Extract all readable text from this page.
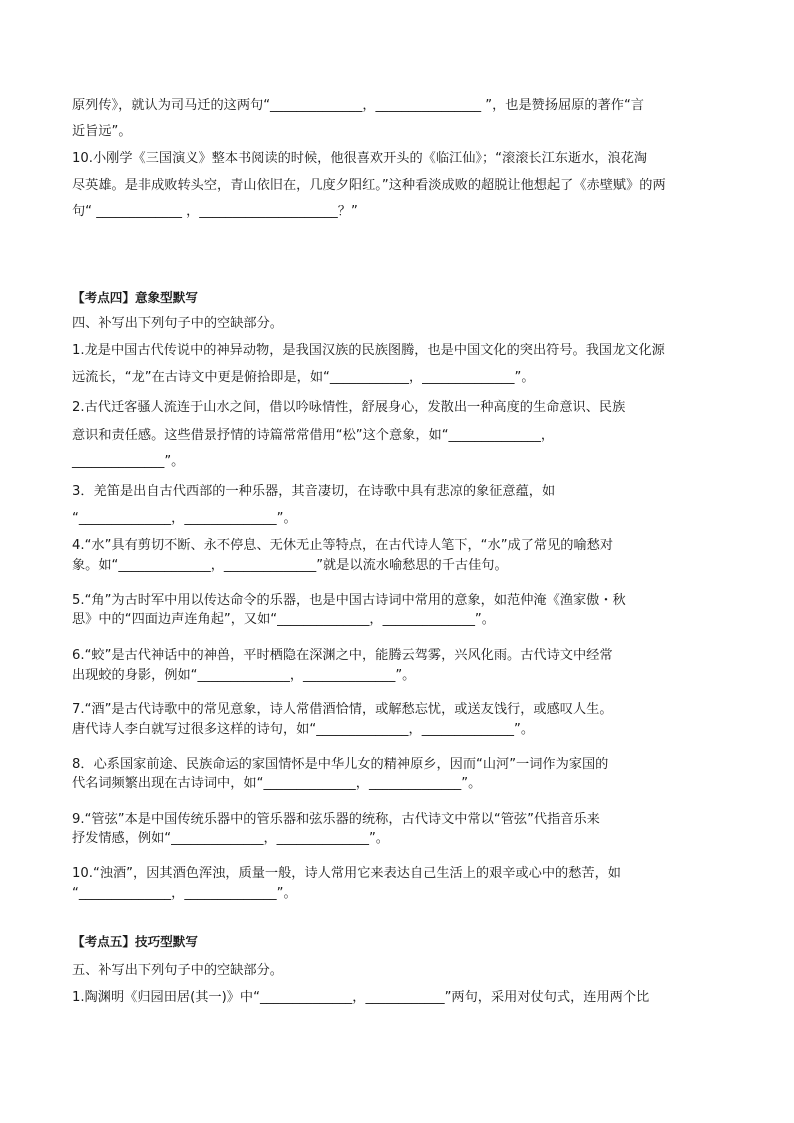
原列传》，就认为司马迁的这两句“______________，________________ ”，也是赞扬屈原的著作“言
近旨远”。
10.小刚学《三国演义》整本书阅读的时候，他很喜欢开头的《临江仙》；“滚滚长江东逝水，浪花淘
尽英雄。是非成败转头空，青山依旧在，几度夕阳红。”这种看淡成败的超脱让他想起了《赤壁赋》的两
句“ _____________ ，_____________________？”
【考点四】意象型默写
四、补写出下列句子中的空缺部分。
1.龙是中国古代传说中的神异动物，是我国汉族的民族图腾，也是中国文化的突出符号。我国龙文化源
远流长，“龙”在古诗文中更是俯拾即是，如“____________，______________”。
2.古代迁客骚人流连于山水之间，借以吟咏情性，舒展身心，发散出一种高度的生命意识、民族
意识和责任感。这些借景抒情的诗篇常常借用“松”这个意象，如“______________，
______________”。
3．羌笛是出自古代西部的一种乐器，其音凄切，在诗歌中具有悲凉的象征意蕴，如
“______________，______________”。
4.“水”具有剪切不断、永不停息、无休无止等特点，在古代诗人笔下，“水”成了常见的喻愁对
象。如“______________，______________”就是以流水喻愁思的千古佳句。
5.“角”为古时军中用以传达命令的乐器，也是中国古诗词中常用的意象，如范仲淹《渔家傲・秋
思》中的“四面边声连角起”，又如“______________，______________”。
6.“蛟”是古代神话中的神兽，平时栖隐在深渊之中，能腾云驾雾，兴风化雨。古代诗文中经常
出现蛟的身影，例如“______________，______________”。
7.“酒”是古代诗歌中的常见意象，诗人常借酒恰情，或解愁忘忧，或送友饯行，或感叹人生。
唐代诗人李白就写过很多这样的诗句，如“______________，______________”。
8．心系国家前途、民族命运的家国情怀是中华儿女的精神原乡，因而“山河”一词作为家国的
代名词频繁出现在古诗词中，如“______________，______________”。
9.“管弦”本是中国传统乐器中的管乐器和弦乐器的统称，古代诗文中常以“管弦”代指音乐来
抒发情感，例如“______________，______________”。
10.“浊酒”，因其酒色浑浊，质量一般，诗人常用它来表达自己生活上的艰辛或心中的愁苦，如
“______________，______________”。
【考点五】技巧型默写
五、补写出下列句子中的空缺部分。
1.陶渊明《归园田居(其一)》中“______________，____________”两句，采用对仗句式，连用两个比
